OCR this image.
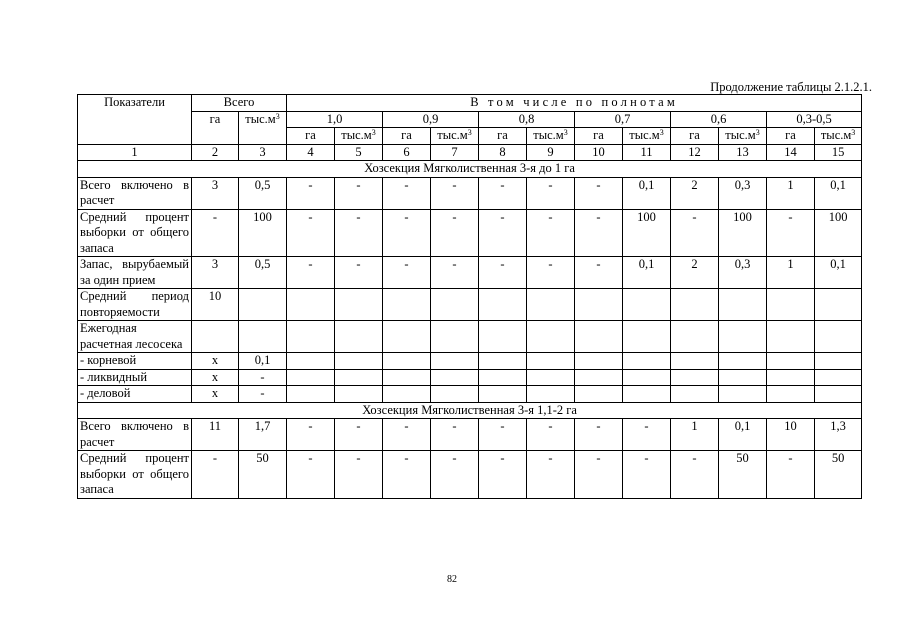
Продолжение таблицы 2.1.2.1.
Показатели	Всего		В том числе по полнотам											
	га	$тыс.м^3$	1,0		0,9		0,8		0,7		0,6		0,3-0,5	
			га	$тыс.м^3$	га	$тыс.м^3$	га	$тыс.м^3$	га	$тыс.м^3$	га	$тыс.м^3$	га	$тыс.м^3$
1	2	3	4	5	6	7	8	9	10	11	12	13	14	15
Хозсекция Мягколиственная 3-я до 1 га														
Всего включено в расчет	3	0,5	-	-	-	-	-	-	-	0,1	2	0,3	1	0,1
Средний процент выборки от общего запаса	-	100	-	-	-	-	-	-	-	100	-	100	-	100
Запас, вырубаемый за один прием	3	0,5	-	-	-	-	-	-	-	0,1	2	0,3	1	0,1
Средний период повторяемости	10													
Ежегодная расчетная лесосека														
- корневой	х	0,1												
- ликвидный	х	-												
- деловой	х	-												
Хозсекция Мягколиственная 3-я 1,1-2 га														
Всего включено в расчет	11	1,7	-	-	-	-	-	-	-	-	1	0,1	10	1,3
Средний процент выборки от общего запаса	-	50	-	-	-	-	-	-	-	-	-	50	-	50
82
